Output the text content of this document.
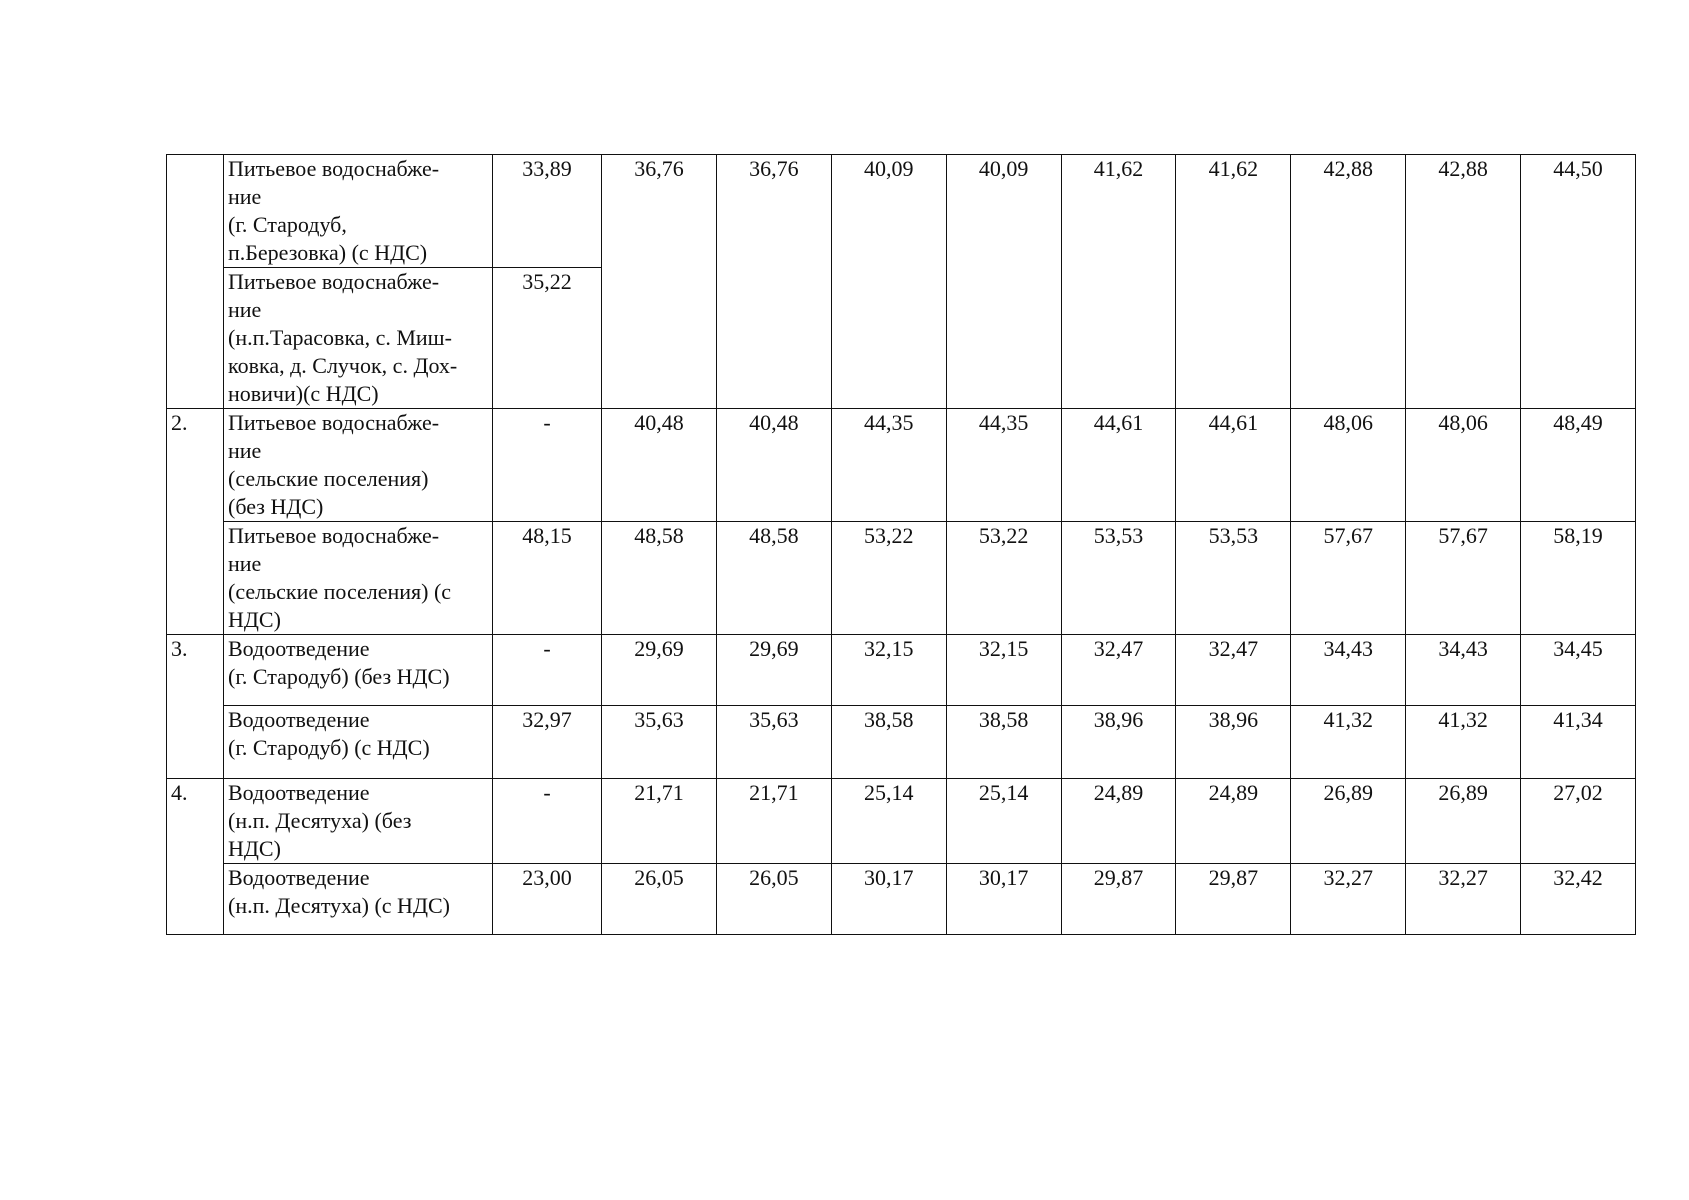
	Питьевое водоснабже-
ние
(г. Стародуб,
п.Березовка) (с НДС)	33,89	36,76	36,76	40,09	40,09	41,62	41,62	42,88	42,88	44,50
	Питьевое водоснабже-
ние
(н.п.Тарасовка, с. Миш-
ковка, д. Случок, с. Дох-
новичи)(с НДС)	35,22									
2.	Питьевое водоснабже-
ние
(сельские поселения)
(без НДС)	-	40,48	40,48	44,35	44,35	44,61	44,61	48,06	48,06	48,49
	Питьевое водоснабже-
ние
(сельские поселения) (с
НДС)	48,15	48,58	48,58	53,22	53,22	53,53	53,53	57,67	57,67	58,19
3.	Водоотведение
(г. Стародуб) (без НДС)	-	29,69	29,69	32,15	32,15	32,47	32,47	34,43	34,43	34,45
	Водоотведение
(г. Стародуб) (с НДС)	32,97	35,63	35,63	38,58	38,58	38,96	38,96	41,32	41,32	41,34
4.	Водоотведение
(н.п. Десятуха) (без
НДС)	-	21,71	21,71	25,14	25,14	24,89	24,89	26,89	26,89	27,02
	Водоотведение
(н.п. Десятуха) (с НДС)	23,00	26,05	26,05	30,17	30,17	29,87	29,87	32,27	32,27	32,42
